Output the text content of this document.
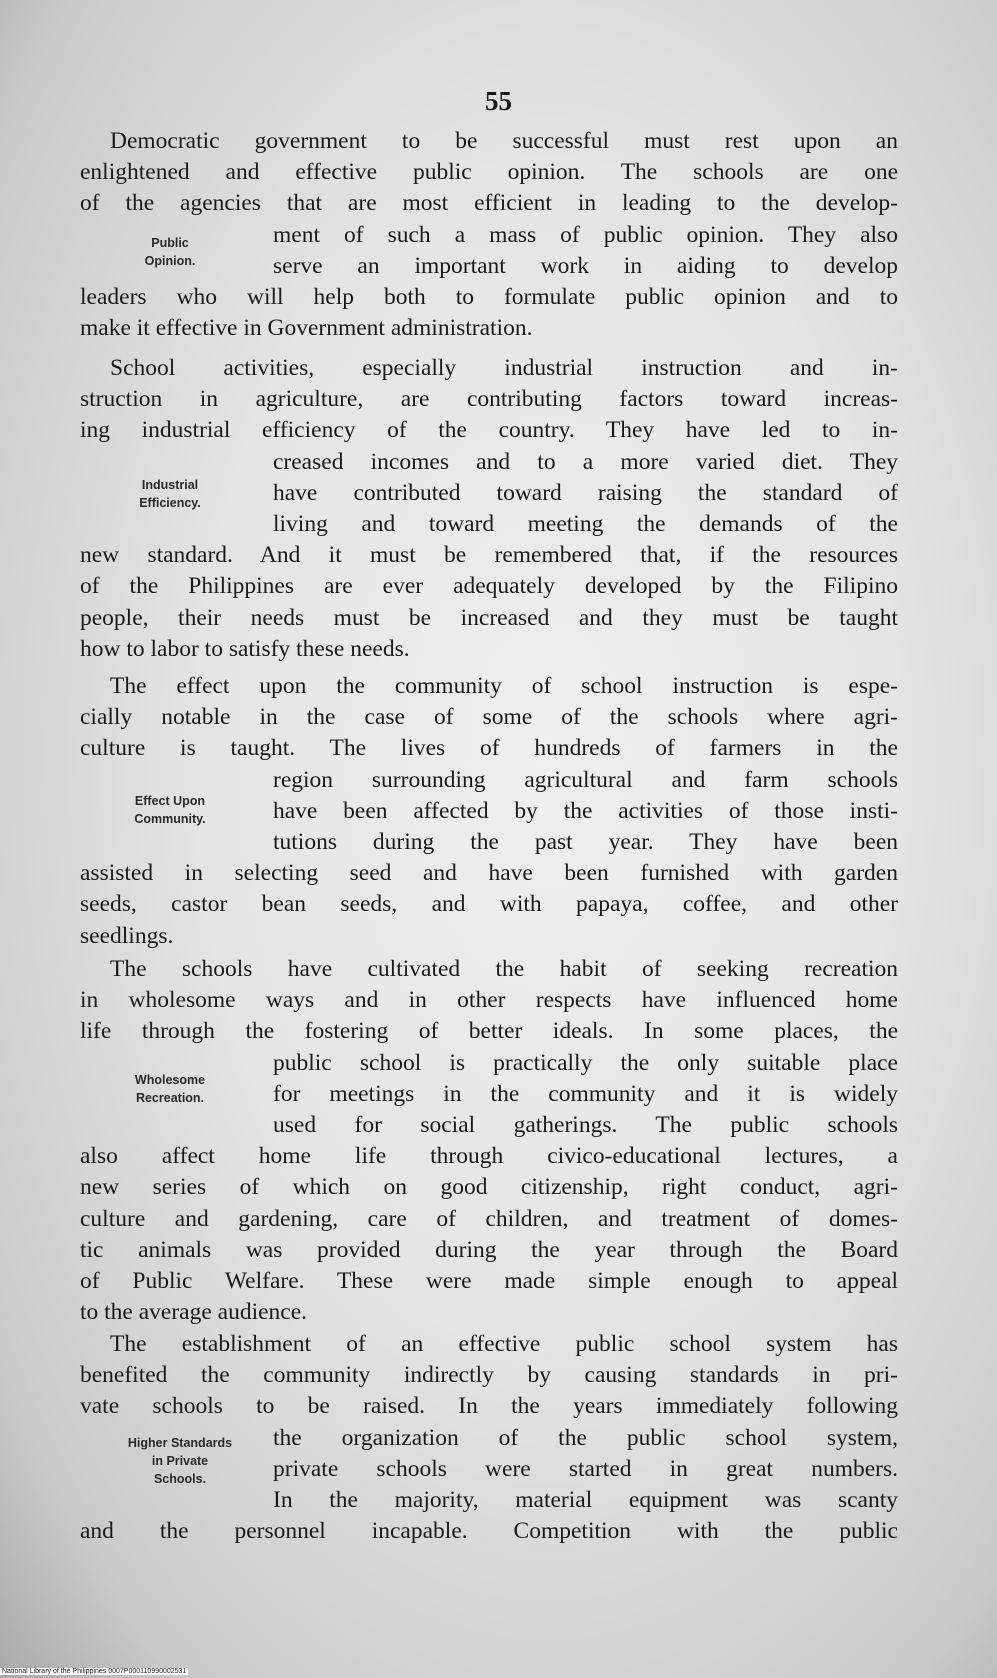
55
Democratic government to be successful must rest upon an
enlightened and effective public opinion. The schools are one
of the agencies that are most efficient in leading to the develop-
ment of such a mass of public opinion. They also
serve an important work in aiding to develop
leaders who will help both to formulate public opinion and to
make it effective in Government administration.
Public
Opinion.
School activities, especially industrial instruction and in-
struction in agriculture, are contributing factors toward increas-
ing industrial efficiency of the country. They have led to in-
creased incomes and to a more varied diet. They
have contributed toward raising the standard of
living and toward meeting the demands of the
new standard. And it must be remembered that, if the resources
of the Philippines are ever adequately developed by the Filipino
people, their needs must be increased and they must be taught
how to labor to satisfy these needs.
Industrial
Efficiency.
The effect upon the community of school instruction is espe-
cially notable in the case of some of the schools where agri-
culture is taught. The lives of hundreds of farmers in the
region surrounding agricultural and farm schools
have been affected by the activities of those insti-
tutions during the past year. They have been
assisted in selecting seed and have been furnished with garden
seeds, castor bean seeds, and with papaya, coffee, and other
seedlings.
Effect Upon
Community.
The schools have cultivated the habit of seeking recreation
in wholesome ways and in other respects have influenced home
life through the fostering of better ideals. In some places, the
public school is practically the only suitable place
for meetings in the community and it is widely
used for social gatherings. The public schools
also affect home life through civico-educational lectures, a
new series of which on good citizenship, right conduct, agri-
culture and gardening, care of children, and treatment of domes-
tic animals was provided during the year through the Board
of Public Welfare. These were made simple enough to appeal
to the average audience.
Wholesome
Recreation.
The establishment of an effective public school system has
benefited the community indirectly by causing standards in pri-
vate schools to be raised. In the years immediately following
the organization of the public school system,
private schools were started in great numbers.
In the majority, material equipment was scanty
and the personnel incapable. Competition with the public
Higher Standards
in Private
Schools.
National Library of the Philippines 0007P000110990002531
